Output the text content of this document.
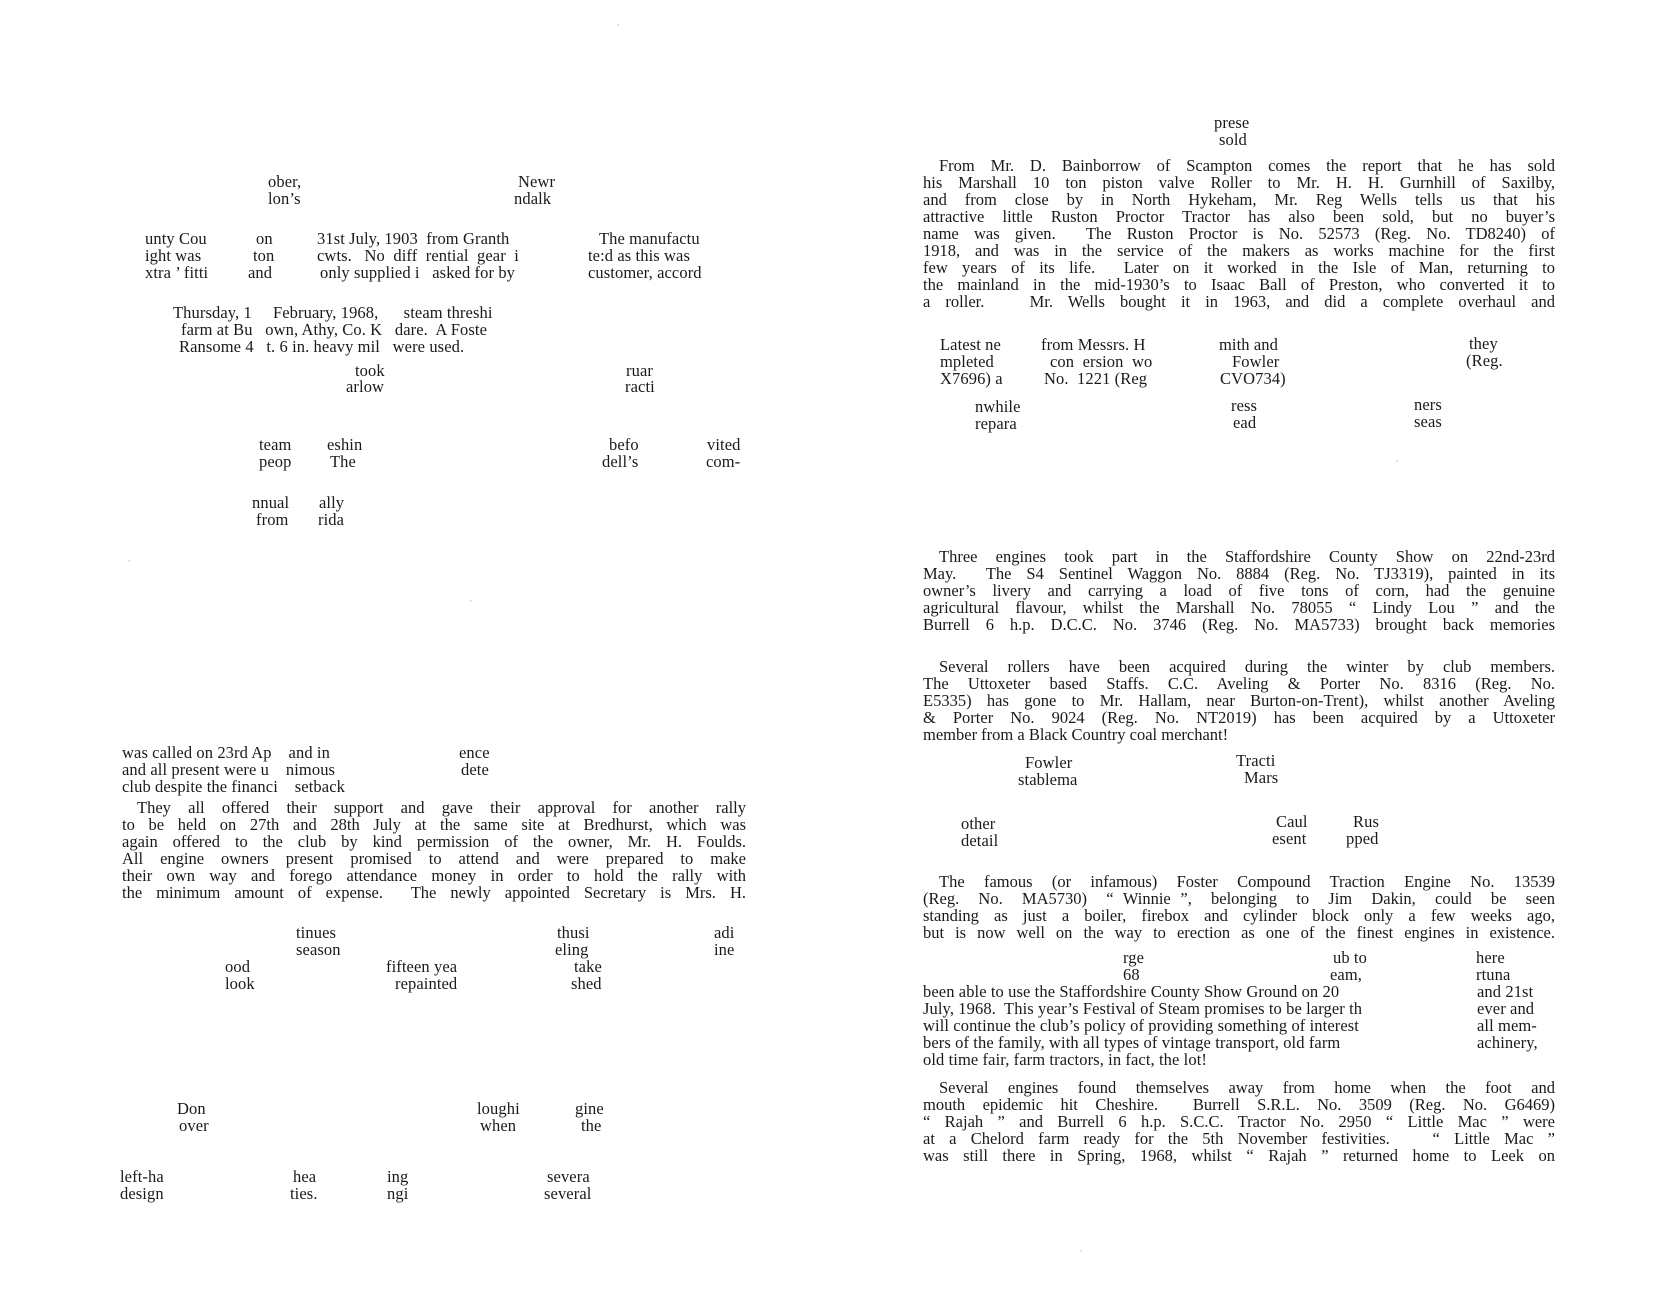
ober,
lon’s
Newr
ndalk
unty Cou
ight was
xtra ’ fitti
on
ton
and
31st July, 1903  from Granth
cwts.   No  diff  rential  gear  i
only supplied i   asked for by
The manufactu
te:d as this was
customer, accord
Thursday, 1     February, 1968,      steam threshi
farm at Bu   own, Athy, Co. K   dare.  A Foste
Ransome 4   t. 6 in. heavy mil   were used.
took
arlow
ruar
racti
team
peop
eshin
The
befo
dell’s
vited
com-
nnual
from
ally
rida
was called on 23rd Ap    and in
and all present were u    nimous
club despite the financi    setback
ence
dete
They all offered their support and gave their approval for another rally
to be held on 27th and 28th July at the same site at Bredhurst, which was
again offered to the club by kind permission of the owner, Mr. H. Foulds.
All engine owners present promised to attend and were prepared to make
their own way and forego attendance money in order to hold the rally with
the minimum amount of expense.  The newly appointed Secretary is Mrs. H.
tinues
season
ood
look
fifteen yea
repainted
thusi
eling
take
shed
adi
ine
Don
over
loughi
when
gine
the
left-ha
design
hea
ties.
ing
ngi
severa
several
prese
sold
From Mr. D. Bainborrow of Scampton comes the report that he has sold
his Marshall 10 ton piston valve Roller to Mr. H. H. Gurnhill of Saxilby,
and from close by in North Hykeham, Mr. Reg Wells tells us that his
attractive little Ruston Proctor Tractor has also been sold, but no buyer’s
name was given.  The Ruston Proctor is No. 52573 (Reg. No. TD8240) of
1918, and was in the service of the makers as works machine for the first
few years of its life.  Later on it worked in the Isle of Man, returning to
the mainland in the mid-1930’s to Isaac Ball of Preston, who converted it to
a roller.   Mr. Wells bought it in 1963, and did a complete overhaul and
Latest ne
mpleted
X7696) a
from Messrs. H
con  ersion  wo
No.  1221 (Reg
mith and
Fowler
CVO734)
they
(Reg.
nwhile
repara
ress
ead
ners
seas
Three engines took part in the Staffordshire County Show on 22nd-23rd
May.  The S4 Sentinel Waggon No. 8884 (Reg. No. TJ3319), painted in its
owner’s livery and carrying a load of five tons of corn, had the genuine
agricultural flavour, whilst the Marshall No. 78055 “ Lindy Lou ” and the
Burrell 6 h.p. D.C.C. No. 3746 (Reg. No. MA5733) brought back memories
Several rollers have been acquired during the winter by club members.
The Uttoxeter based Staffs. C.C. Aveling & Porter No. 8316 (Reg. No.
E5335) has gone to Mr. Hallam, near Burton-on-Trent), whilst another Aveling
& Porter No. 9024 (Reg. No. NT2019) has been acquired by a Uttoxeter
member from a Black Country coal merchant!
Fowler
stablema
Tracti
Mars
other
detail
Caul
esent
Rus
pped
The famous (or infamous) Foster Compound Traction Engine No. 13539
(Reg.  No.  MA5730)  “ Winnie ”,  belonging  to  Jim  Dakin,  could  be  seen
standing as just a boiler, firebox and cylinder block only a few weeks ago,
but is now well on the way to erection as one of the finest engines in existence.
rge
68
ub to
eam,
here
rtuna
and 21st
ever and
all mem-
achinery,
been able to use the Staffordshire County Show Ground on 20
July, 1968.  This year’s Festival of Steam promises to be larger th
will continue the club’s policy of providing something of interest
bers of the family, with all types of vintage transport, old farm
old time fair, farm tractors, in fact, the lot!
Several engines found themselves away from home when the foot and
mouth epidemic hit Cheshire.  Burrell S.R.L. No. 3509 (Reg. No. G6469)
“ Rajah ” and Burrell 6 h.p. S.C.C. Tractor No. 2950 “ Little Mac ” were
at a Chelord farm ready for the 5th November festivities.   “ Little Mac ”
was still there in Spring, 1968, whilst “ Rajah ” returned home to Leek on
